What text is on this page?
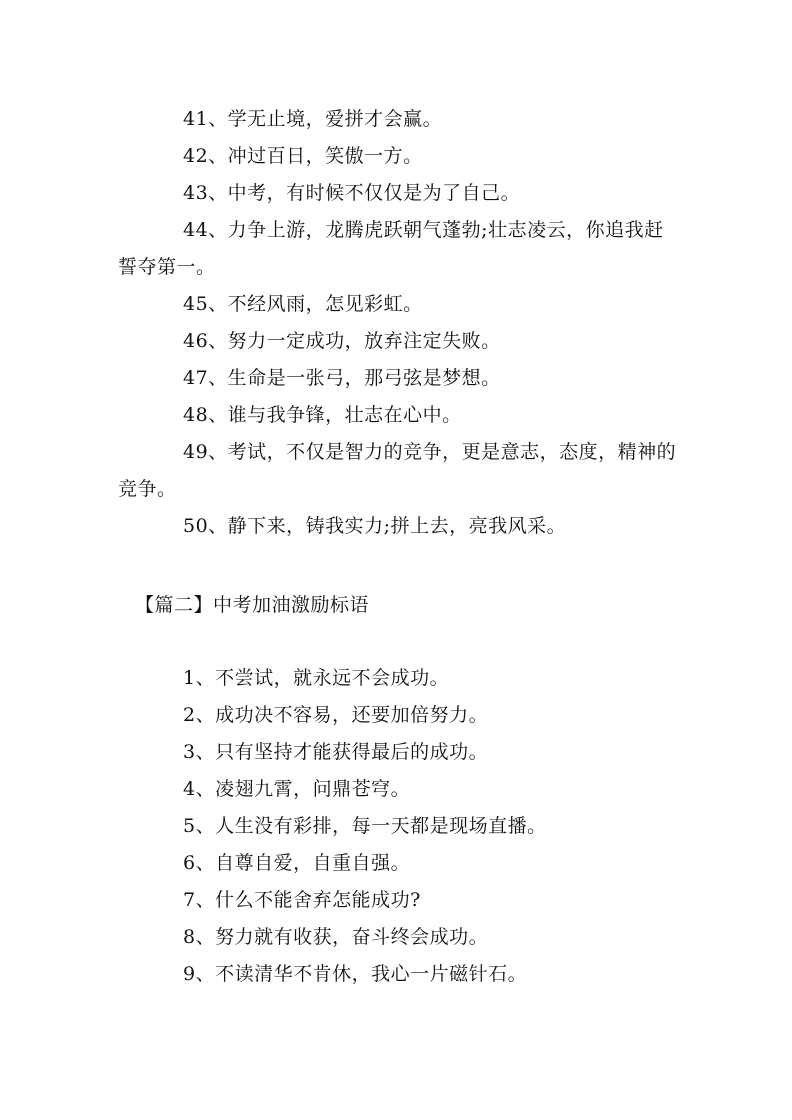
41、学无止境，爱拼才会赢。

42、冲过百日，笑傲一方。

43、中考，有时候不仅仅是为了自己。

44、力争上游，龙腾虎跃朝气蓬勃;壮志凌云，你追我赶誓夺第一。

45、不经风雨，怎见彩虹。

46、努力一定成功，放弃注定失败。

47、生命是一张弓，那弓弦是梦想。

48、谁与我争锋，壮志在心中。

49、考试，不仅是智力的竞争，更是意志，态度，精神的竞争。

50、静下来，铸我实力;拼上去，亮我风采。

【篇二】中考加油激励标语

1、不尝试，就永远不会成功。

2、成功决不容易，还要加倍努力。

3、只有坚持才能获得最后的成功。

4、凌翅九霄，问鼎苍穹。

5、人生没有彩排，每一天都是现场直播。

6、自尊自爱，自重自强。

7、什么不能舍弃怎能成功?

8、努力就有收获，奋斗终会成功。

9、不读清华不肯休，我心一片磁针石。
